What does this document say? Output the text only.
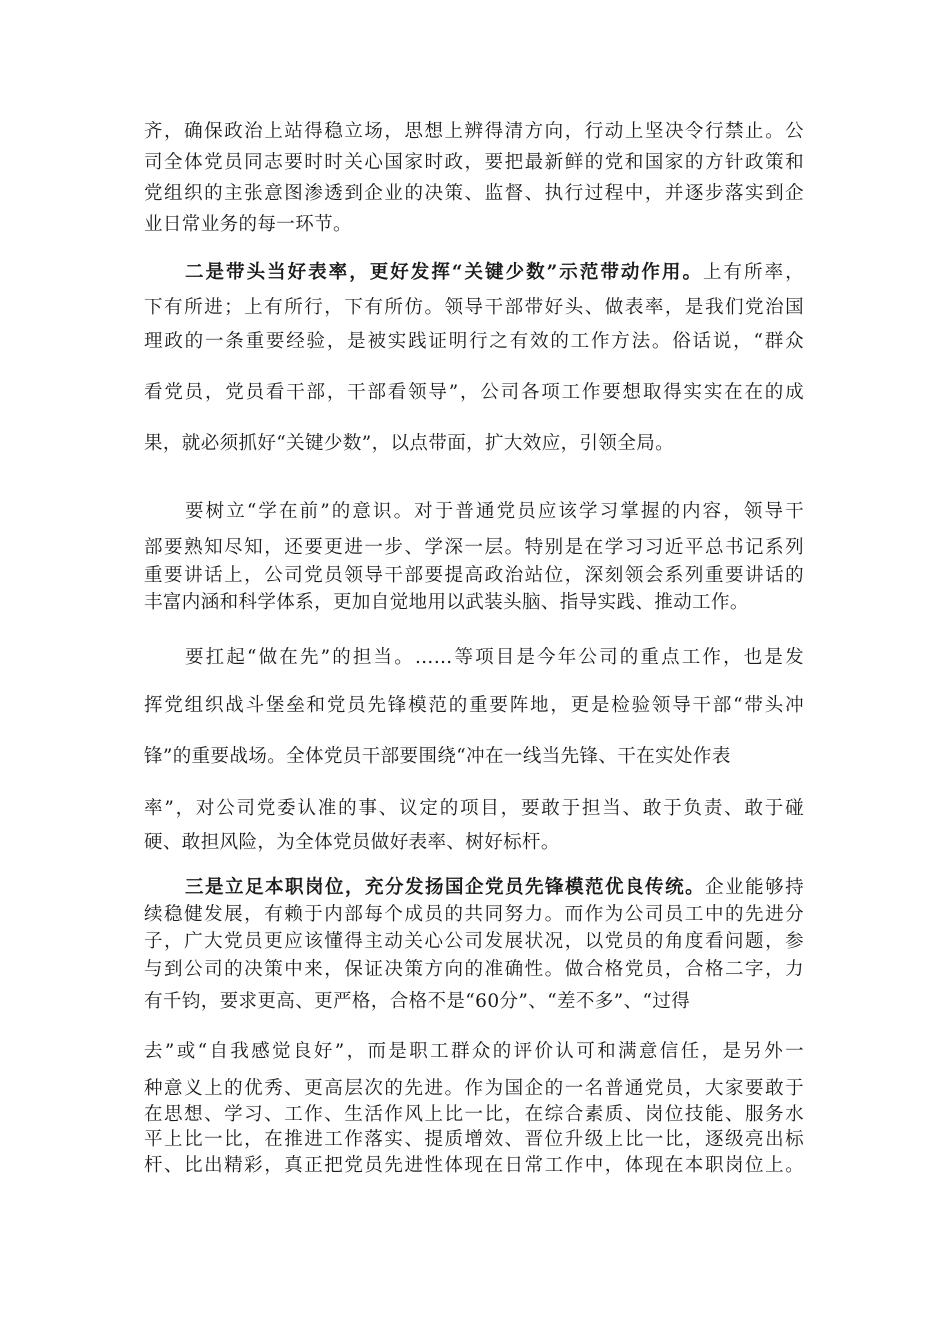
齐，确保政治上站得稳立场，思想上辨得清方向，行动上坚决令行禁止。公
司全体党员同志要时时关心国家时政，要把最新鲜的党和国家的方针政策和
党组织的主张意图渗透到企业的决策、监督、执行过程中，并逐步落实到企
业日常业务的每一环节。
二是带头当好表率，更好发挥“关键少数”示范带动作用。上有所率，
下有所进；上有所行，下有所仿。领导干部带好头、做表率，是我们党治国
理政的一条重要经验，是被实践证明行之有效的工作方法。俗话说，“群众
看党员，党员看干部，干部看领导”，公司各项工作要想取得实实在在的成
果，就必须抓好“关键少数”，以点带面，扩大效应，引领全局。
要树立“学在前”的意识。对于普通党员应该学习掌握的内容，领导干
部要熟知尽知，还要更进一步、学深一层。特别是在学习习近平总书记系列
重要讲话上，公司党员领导干部要提高政治站位，深刻领会系列重要讲话的
丰富内涵和科学体系，更加自觉地用以武装头脑、指导实践、推动工作。
要扛起“做在先”的担当。……等项目是今年公司的重点工作，也是发
挥党组织战斗堡垒和党员先锋模范的重要阵地，更是检验领导干部“带头冲
锋”的重要战场。全体党员干部要围绕“冲在一线当先锋、干在实处作表
率”，对公司党委认准的事、议定的项目，要敢于担当、敢于负责、敢于碰
硬、敢担风险，为全体党员做好表率、树好标杆。
三是立足本职岗位，充分发扬国企党员先锋模范优良传统。企业能够持
续稳健发展，有赖于内部每个成员的共同努力。而作为公司员工中的先进分
子，广大党员更应该懂得主动关心公司发展状况，以党员的角度看问题，参
与到公司的决策中来，保证决策方向的准确性。做合格党员，合格二字，力
有千钧，要求更高、更严格，合格不是“60分”、“差不多”、“过得
去”或“自我感觉良好”，而是职工群众的评价认可和满意信任，是另外一
种意义上的优秀、更高层次的先进。作为国企的一名普通党员，大家要敢于
在思想、学习、工作、生活作风上比一比，在综合素质、岗位技能、服务水
平上比一比，在推进工作落实、提质增效、晋位升级上比一比，逐级亮出标
杆、比出精彩，真正把党员先进性体现在日常工作中，体现在本职岗位上。
